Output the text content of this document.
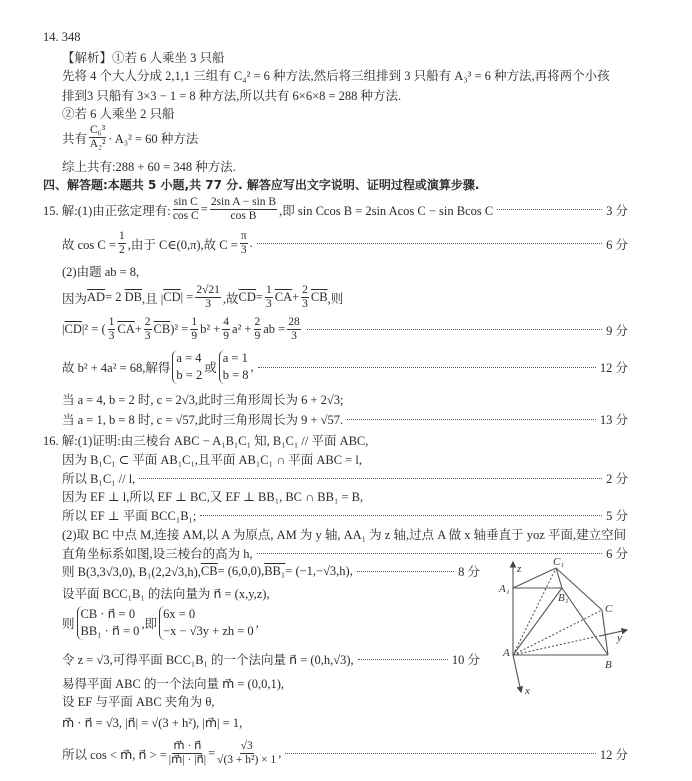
14. 348
【解析】①若 6 人乘坐 3 只船
先将 4 个大人分成 2,1,1 三组有 C₄² = 6 种方法,然后将三组排到 3 只船有 A₃³ = 6 种方法,再将两个小孩
排到3 只船有 3×3 − 1 = 8 种方法,所以共有 6×6×8 = 288 种方法.
②若 6 人乘坐 2 只船
共有 $\frac{\text{C₆³}}{\text{A₂²}} \cdot A_3^2 = 60$ 种方法
综上共有:288 + 60 = 348 种方法.
四、解答题:本题共 5 小题,共 77 分. 解答应写出文字说明、证明过程或演算步骤.
15. 解:(1)由正弦定理有: $\frac{\text{sin C}}{\text{cos C}} = \frac{\text{2sin A − sin B}}{\text{cos B}}$ ,即 sin Ccos B = 2sin Acos C − sin Bcos C	3 分
故 $\cos C = \frac{1}{2}$ ,由于 C∈(0,π),故 $C = \frac{\pi}{3}$ .	6 分
(2)由题 ab = 8,
因为 $\overline{AD} = 2$
$\overline{DB}$ ,且 | $\overline{CD}$ | = $\frac{2√21}{3}$ ,故 $\overline{CD} = \frac{1}{3} \overline{CA} + \frac{2}{3} \overline{CB}$ ,则
| $\overline{CD}$ |² = ( $\frac{1}{3} \overline{CA} + \frac{2}{3} \overline{CB}$ )$^2 = \frac{1}{9} b^2 + \frac{4}{9} a^2 + \frac{2}{9}$ ab = $\frac{28}{3}$	9 分
故 b² + 4a² = 68,解得
a = 4
b = 2 或
a = 1
b = 8
,	12 分
当 a = 4, b = 2 时, c = 2√3,此时三角形周长为 6 + 2√3;
当 a = 1, b = 8 时, c = √57,此时三角形周长为 9 + √57.	13 分
16. 解:(1)证明:由三棱台 ABC − A₁B₁C₁ 知, B₁C₁ // 平面 ABC,
因为 B₁C₁ ⊂ 平面 AB₁C₁,且平面 AB₁C₁ ∩ 平面 ABC = l,
所以 B₁C₁ // l,	2 分
因为 EF ⊥ l,所以 EF ⊥ BC,又 EF ⊥ BB₁, BC ∩ BB₁ = B,
所以 EF ⊥ 平面 BCC₁B₁;	5 分
(2)取 BC 中点 M,连接 AM,以 A 为原点, AM 为 y 轴, AA₁ 为 z 轴,过点 A 做 x 轴垂直于 yoz 平面,建立空间
直角坐标系如图,设三棱台的高为 h,	6 分
则 B(3,3√3,0), B₁(2,2√3,h), $\overline{CB} = (6,0,0)$, BB₁ = (−1,−√3,h),	8 分
设平面 BCC₁B₁ 的法向量为 n⃗ = (x,y,z),
则
CB · n⃗ = 0
BB₁ · n⃗ = 0 ,即
6x = 0
−x − √3y + zh = 0
,
令 z = √3,可得平面 BCC₁B₁ 的一个法向量 n⃗ = (0,h,√3),	10 分
易得平面 ABC 的一个法向量 m⃗ = (0,0,1),
设 EF 与平面 ABC 夹角为 θ,
m⃗ · n⃗ = √3, |n⃗| = √(3 + h²), |m⃗| = 1,
所以 cos < m⃗, n⃗ > = $\frac{m⃗ \cdot n⃗}{|m⃗| \cdot |n⃗|} = \frac{√3}{\text{√(3 + h²) × 1}}$ ,	12 分
z
A₁
C₁
B₁
C
y
A
B
x
